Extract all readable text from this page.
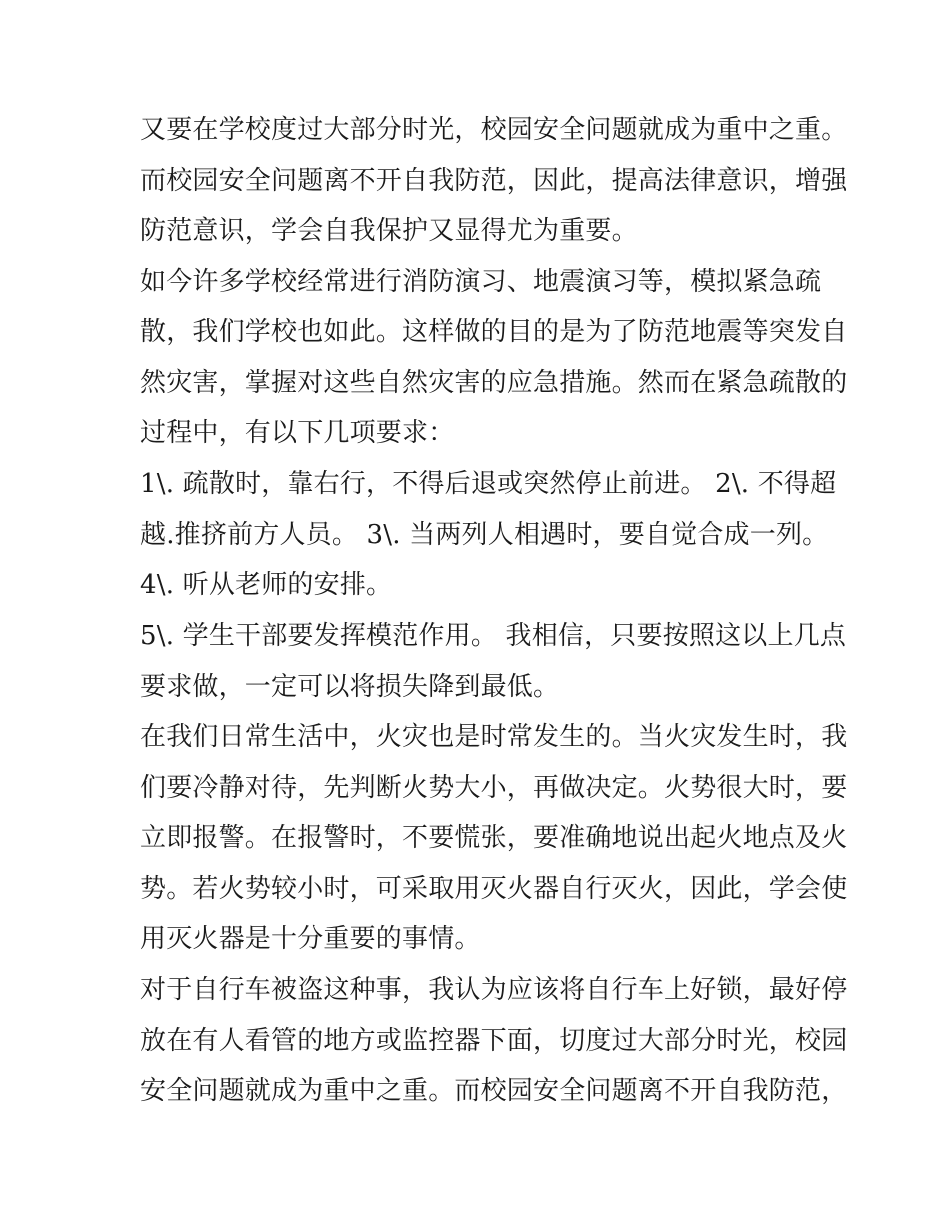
又要在学校度过大部分时光，校园安全问题就成为重中之重。
而校园安全问题离不开自我防范，因此，提高法律意识，增强
防范意识，学会自我保护又显得尤为重要。
如今许多学校经常进行消防演习、地震演习等，模拟紧急疏
散，我们学校也如此。这样做的目的是为了防范地震等突发自
然灾害，掌握对这些自然灾害的应急措施。然而在紧急疏散的
过程中，有以下几项要求：
1\. 疏散时，靠右行，不得后退或突然停止前进。 2\. 不得超
越.推挤前方人员。 3\. 当两列人相遇时，要自觉合成一列。
4\. 听从老师的安排。
5\. 学生干部要发挥模范作用。 我相信，只要按照这以上几点
要求做，一定可以将损失降到最低。
在我们日常生活中，火灾也是时常发生的。当火灾发生时，我
们要冷静对待，先判断火势大小，再做决定。火势很大时，要
立即报警。在报警时，不要慌张，要准确地说出起火地点及火
势。若火势较小时，可采取用灭火器自行灭火，因此，学会使
用灭火器是十分重要的事情。
对于自行车被盗这种事，我认为应该将自行车上好锁，最好停
放在有人看管的地方或监控器下面，切度过大部分时光，校园
安全问题就成为重中之重。而校园安全问题离不开自我防范，
